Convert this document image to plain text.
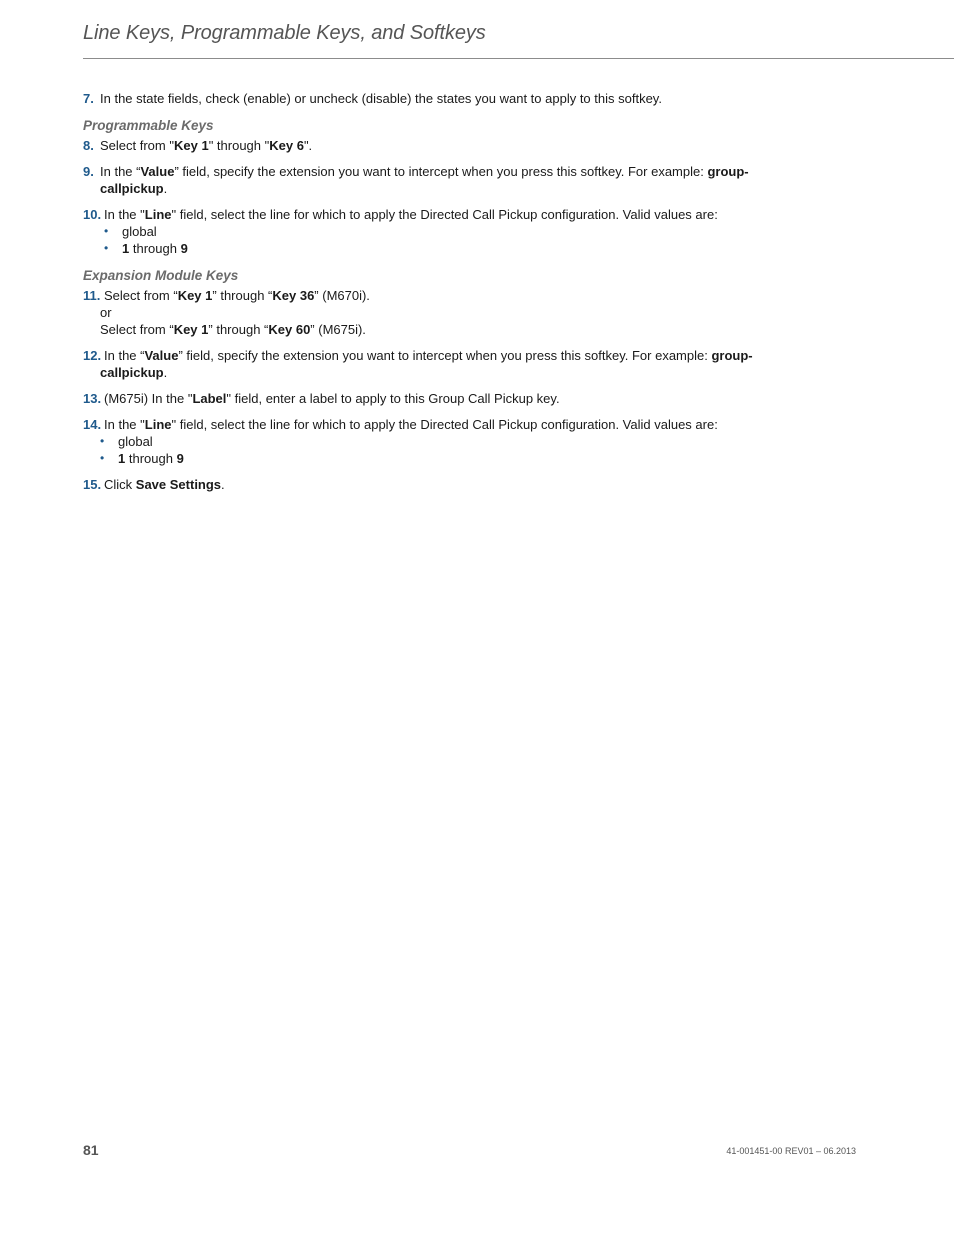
Line Keys, Programmable Keys, and Softkeys
7. In the state fields, check (enable) or uncheck (disable) the states you want to apply to this softkey.
Programmable Keys
8. Select from "Key 1" through "Key 6".
9. In the “Value” field, specify the extension you want to intercept when you press this softkey. For example: group-
callpickup.
10. In the "Line" field, select the line for which to apply the Directed Call Pickup configuration. Valid values are:
• global
• 1 through 9
Expansion Module Keys
11. Select from “Key 1” through “Key 36” (M670i).
or
Select from “Key 1” through “Key 60” (M675i).
12. In the “Value” field, specify the extension you want to intercept when you press this softkey. For example: group-
callpickup.
13. (M675i) In the "Label" field, enter a label to apply to this Group Call Pickup key.
14. In the "Line" field, select the line for which to apply the Directed Call Pickup configuration. Valid values are:
• global
• 1 through 9
15. Click Save Settings.
81	41-001451-00 REV01 – 06.2013
